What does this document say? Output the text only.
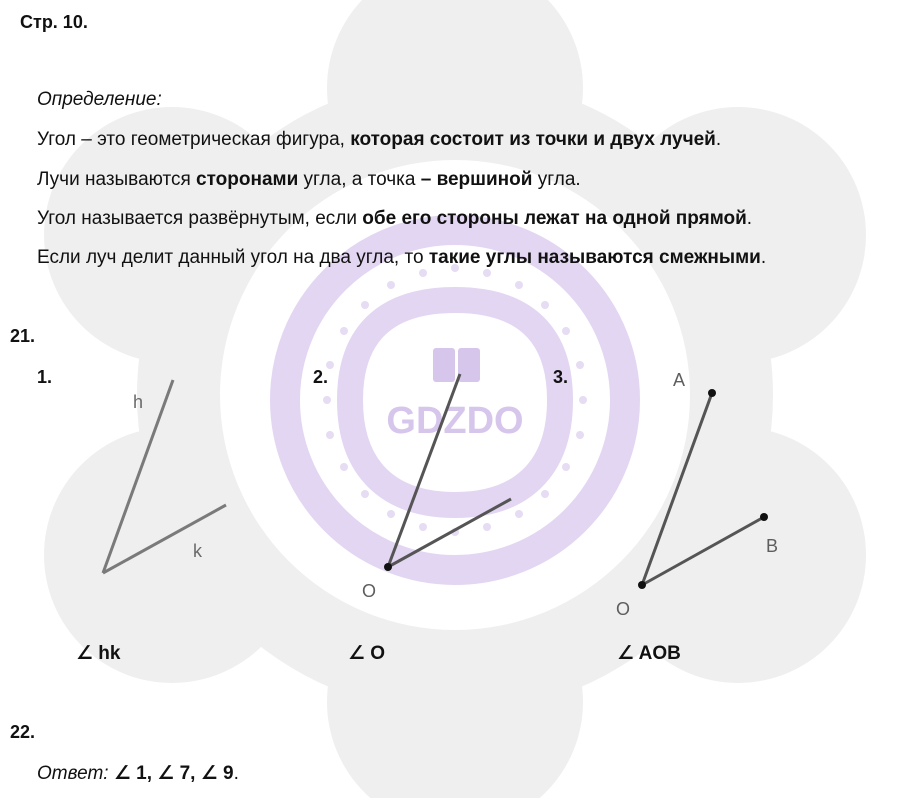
GDZDO
Стр. 10.
Определение:
Угол – это геометрическая фигура, которая состоит из точки и двух лучей.
Лучи называются сторонами угла, а точка – вершиной угла.
Угол называется развёрнутым, если обе его стороны лежат на одной прямой.
Если луч делит данный угол на два угла, то такие углы называются смежными.
21.
1.
h
k
∠ hk
2.
O
∠ O
3.	A
B
O
∠ AOB
22.
Ответ: ∠ 1, ∠ 7, ∠ 9.
